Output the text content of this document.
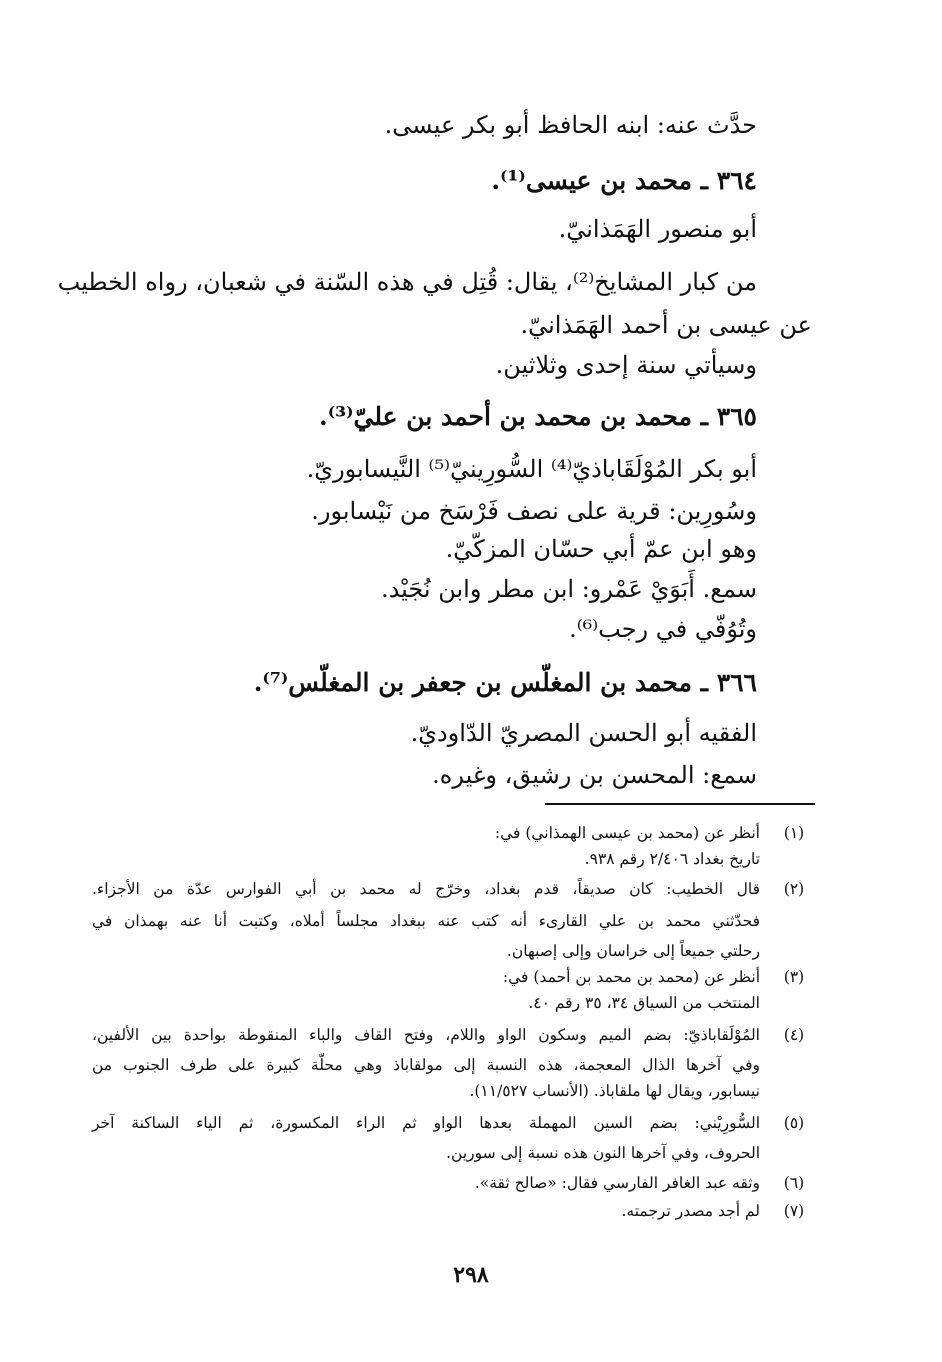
حدَّث عنه: ابنه الحافظ أبو بكر عيسى.
٣٦٤ ـ محمد بن عيسى⁽¹⁾.
أبو منصور الهَمَذانيّ.
من كبار المشايخ⁽²⁾، يقال: قُتِل في هذه السّنة في شعبان، رواه الخطيب
عن عيسى بن أحمد الهَمَذانيّ.
وسيأتي سنة إحدى وثلاثين.
٣٦٥ ـ محمد بن محمد بن أحمد بن عليّ⁽³⁾.
أبو بكر المُوْلَقَاباذيّ⁽⁴⁾ السُّورِينيّ⁽⁵⁾ النَّيسابوريّ.
وسُورِين: قرية على نصف فَرْسَخ من نَيْسابور.
وهو ابن عمّ أبي حسّان المزكّيّ.
سمع. أَبَوَيْ عَمْرو: ابن مطر وابن نُجَيْد.
وتُوُفّي في رجب⁽⁶⁾.
٣٦٦ ـ محمد بن المغلّس بن جعفر بن المغلّس⁽⁷⁾.
الفقيه أبو الحسن المصريّ الدّاوديّ.
سمع: المحسن بن رشيق، وغيره.
(١)
أنظر عن (محمد بن عيسى الهمذاني) في:
تاريخ بغداد ٢/٤٠٦ رقم ٩٣٨.
(٢)
قال الخطيب: كان صديقاً، قدم بغداد، وخرّج له محمد بن أبي الفوارس عدّة من الأجزاء.
فحدّثني محمد بن علي القارىء أنه كتب عنه ببغداد مجلساً أملاه، وكتبت أنا عنه بهمذان في
رحلتي جميعاً إلى خراسان وإلى إصبهان.
(٣)
أنظر عن (محمد بن محمد بن أحمد) في:
المنتخب من السياق ٣٤، ٣٥ رقم ٤٠.
(٤)
المُوْلَقاباذيّ: بضم الميم وسكون الواو واللام، وفتح القاف والباء المنقوطة بواحدة بين الألفين،
وفي آخرها الذال المعجمة، هذه النسبة إلى مولقاباذ وهي محلّة كبيرة على طرف الجنوب من
نيسابور، ويقال لها ملقاباذ. (الأنساب ١١/٥٢٧).
(٥)
السُّورِيْني: بضم السين المهملة بعدها الواو ثم الراء المكسورة، ثم الياء الساكنة آخر
الحروف، وفي آخرها النون هذه نسبة إلى سورين.
(٦)
وثقه عبد الغافر الفارسي فقال: «صالح ثقة».
(٧)
لم أجد مصدر ترجمته.
٢٩٨
